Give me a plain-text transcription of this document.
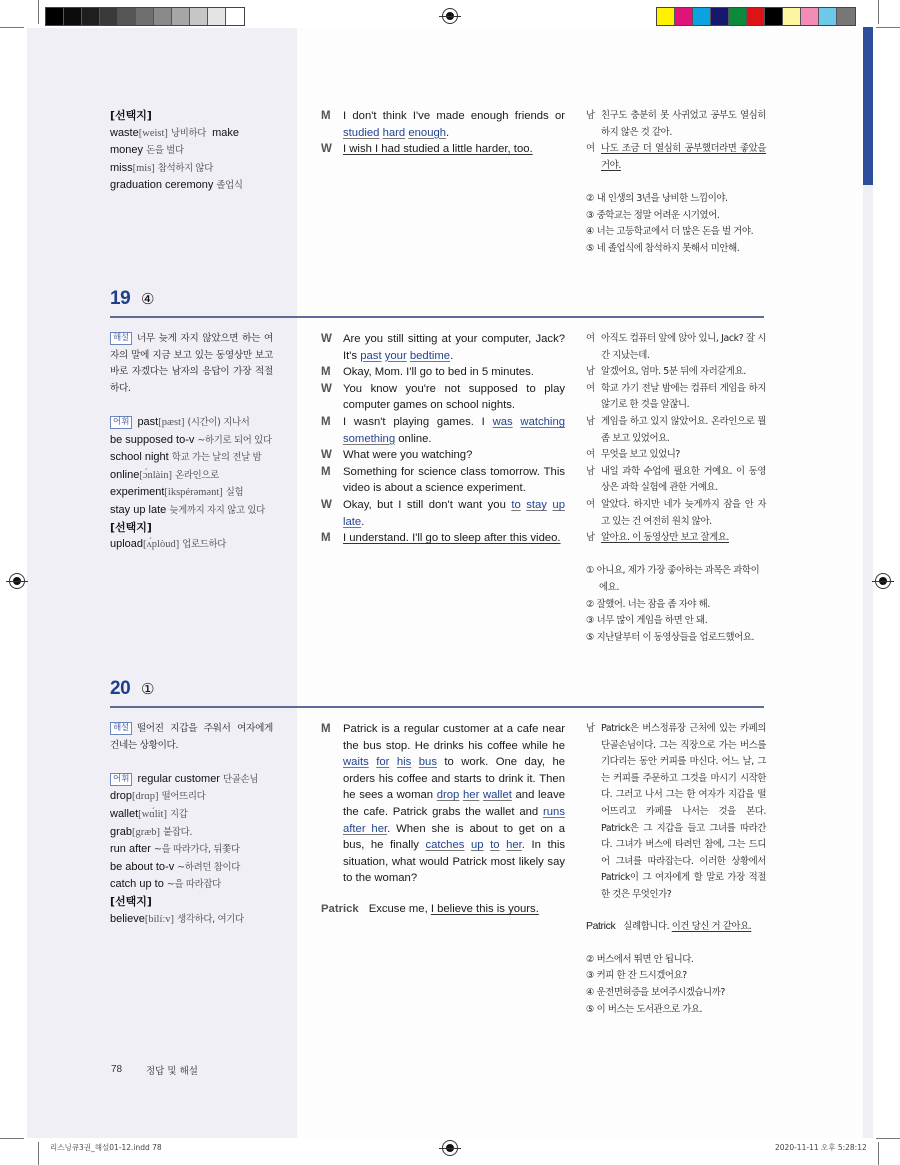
[선택지]
waste[weist] 낭비하다 make
money 돈을 벌다
miss[mis] 참석하지 않다
graduation ceremony 졸업식
M I don't think I've made enough friends or studied hard enough.
W I wish I had studied a little harder, too.
남 친구도 충분히 못 사귀었고 공부도 열심히 하지 않은 것 같아.
여 나도 조금 더 열심히 공부했더라면 좋았을 거야.
② 내 인생의 3년을 낭비한 느낌이야.
③ 중학교는 정말 어려운 시기였어.
④ 너는 고등학교에서 더 많은 돈을 벌 거야.
⑤ 네 졸업식에 참석하지 못해서 미안해.
19 ④
해설 너무 늦게 자지 않았으면 하는 여자의 말에 지금 보고 있는 동영상만 보고 바로 자겠다는 남자의 응답이 가장 적절하다.
어휘 past[pæst] (시간이) 지나서
be supposed to-v ~하기로 되어 있다
school night 학교 가는 날의 전날 밤
online[ɔ́nlàin] 온라인으로
experiment[ikspérəmənt] 실험
stay up late 늦게까지 자지 않고 있다
[선택지]
upload[ʌ́plòud] 업로드하다
W Are you still sitting at your computer, Jack? It's past your bedtime.
M Okay, Mom. I'll go to bed in 5 minutes.
W You know you're not supposed to play computer games on school nights.
M I wasn't playing games. I was watching something online.
W What were you watching?
M Something for science class tomorrow. This video is about a science experiment.
W Okay, but I still don't want you to stay up late.
M I understand. I'll go to sleep after this video.
여 아직도 컴퓨터 앞에 앉아 있니, Jack? 잘 시간 지났는데.
남 알겠어요, 엄마. 5분 뒤에 자러갈게요.
여 학교 가기 전날 밤에는 컴퓨터 게임을 하지 않기로 한 것을 알잖니.
남 게임을 하고 있지 않았어요. 온라인으로 뭘 좀 보고 있었어요.
여 무엇을 보고 있었니?
남 내일 과학 수업에 필요한 거예요. 이 동영상은 과학 실험에 관한 거예요.
여 알았다. 하지만 네가 늦게까지 잠을 안 자고 있는 건 여전히 원치 않아.
남 알아요. 이 동영상만 보고 잘게요.
① 아니요, 제가 가장 좋아하는 과목은 과학이에요.
② 잘했어. 너는 잠을 좀 자야 해.
③ 너무 많이 게임을 하면 안 돼.
⑤ 지난달부터 이 동영상들을 업로드했어요.
20 ①
해설 떨어진 지갑을 주워서 여자에게 건네는 상황이다.
어휘 regular customer 단골손님
drop[drɑp] 떨어뜨리다
wallet[wɑ́lit] 지갑
grab[græb] 붙잡다.
run after ~을 따라가다, 뒤쫓다
be about to-v ~하려던 참이다
catch up to ~을 따라잡다
[선택지]
believe[bilíːv] 생각하다, 여기다
M Patrick is a regular customer at a cafe near the bus stop. He drinks his coffee while he waits for his bus to work. One day, he orders his coffee and starts to drink it. Then he sees a woman drop her wallet and leave the cafe. Patrick grabs the wallet and runs after her. When she is about to get on a bus, he finally catches up to her. In this situation, what would Patrick most likely say to the woman?
Patrick Excuse me, I believe this is yours.
남 Patrick은 버스정류장 근처에 있는 카페의 단골손님이다. 그는 직장으로 가는 버스를 기다리는 동안 커피를 마신다. 어느 날, 그는 커피를 주문하고 그것을 마시기 시작한다. 그러고 나서 그는 한 여자가 지갑을 떨어뜨리고 카페를 나서는 것을 본다. Patrick은 그 지갑을 들고 그녀를 따라간다. 그녀가 버스에 타려던 참에, 그는 드디어 그녀를 따라잡는다. 이러한 상황에서 Patrick이 그 여자에게 할 말로 가장 적절한 것은 무엇인가?
Patrick 실례합니다. 이건 당신 거 같아요.
② 버스에서 뛰면 안 됩니다.
③ 커피 한 잔 드시겠어요?
④ 운전면허증을 보여주시겠습니까?
⑤ 이 버스는 도서관으로 가요.
78	정답 및 해설
리스닝큐3권_해설01-12.indd 78	2020-11-11 오후 5:28:12
